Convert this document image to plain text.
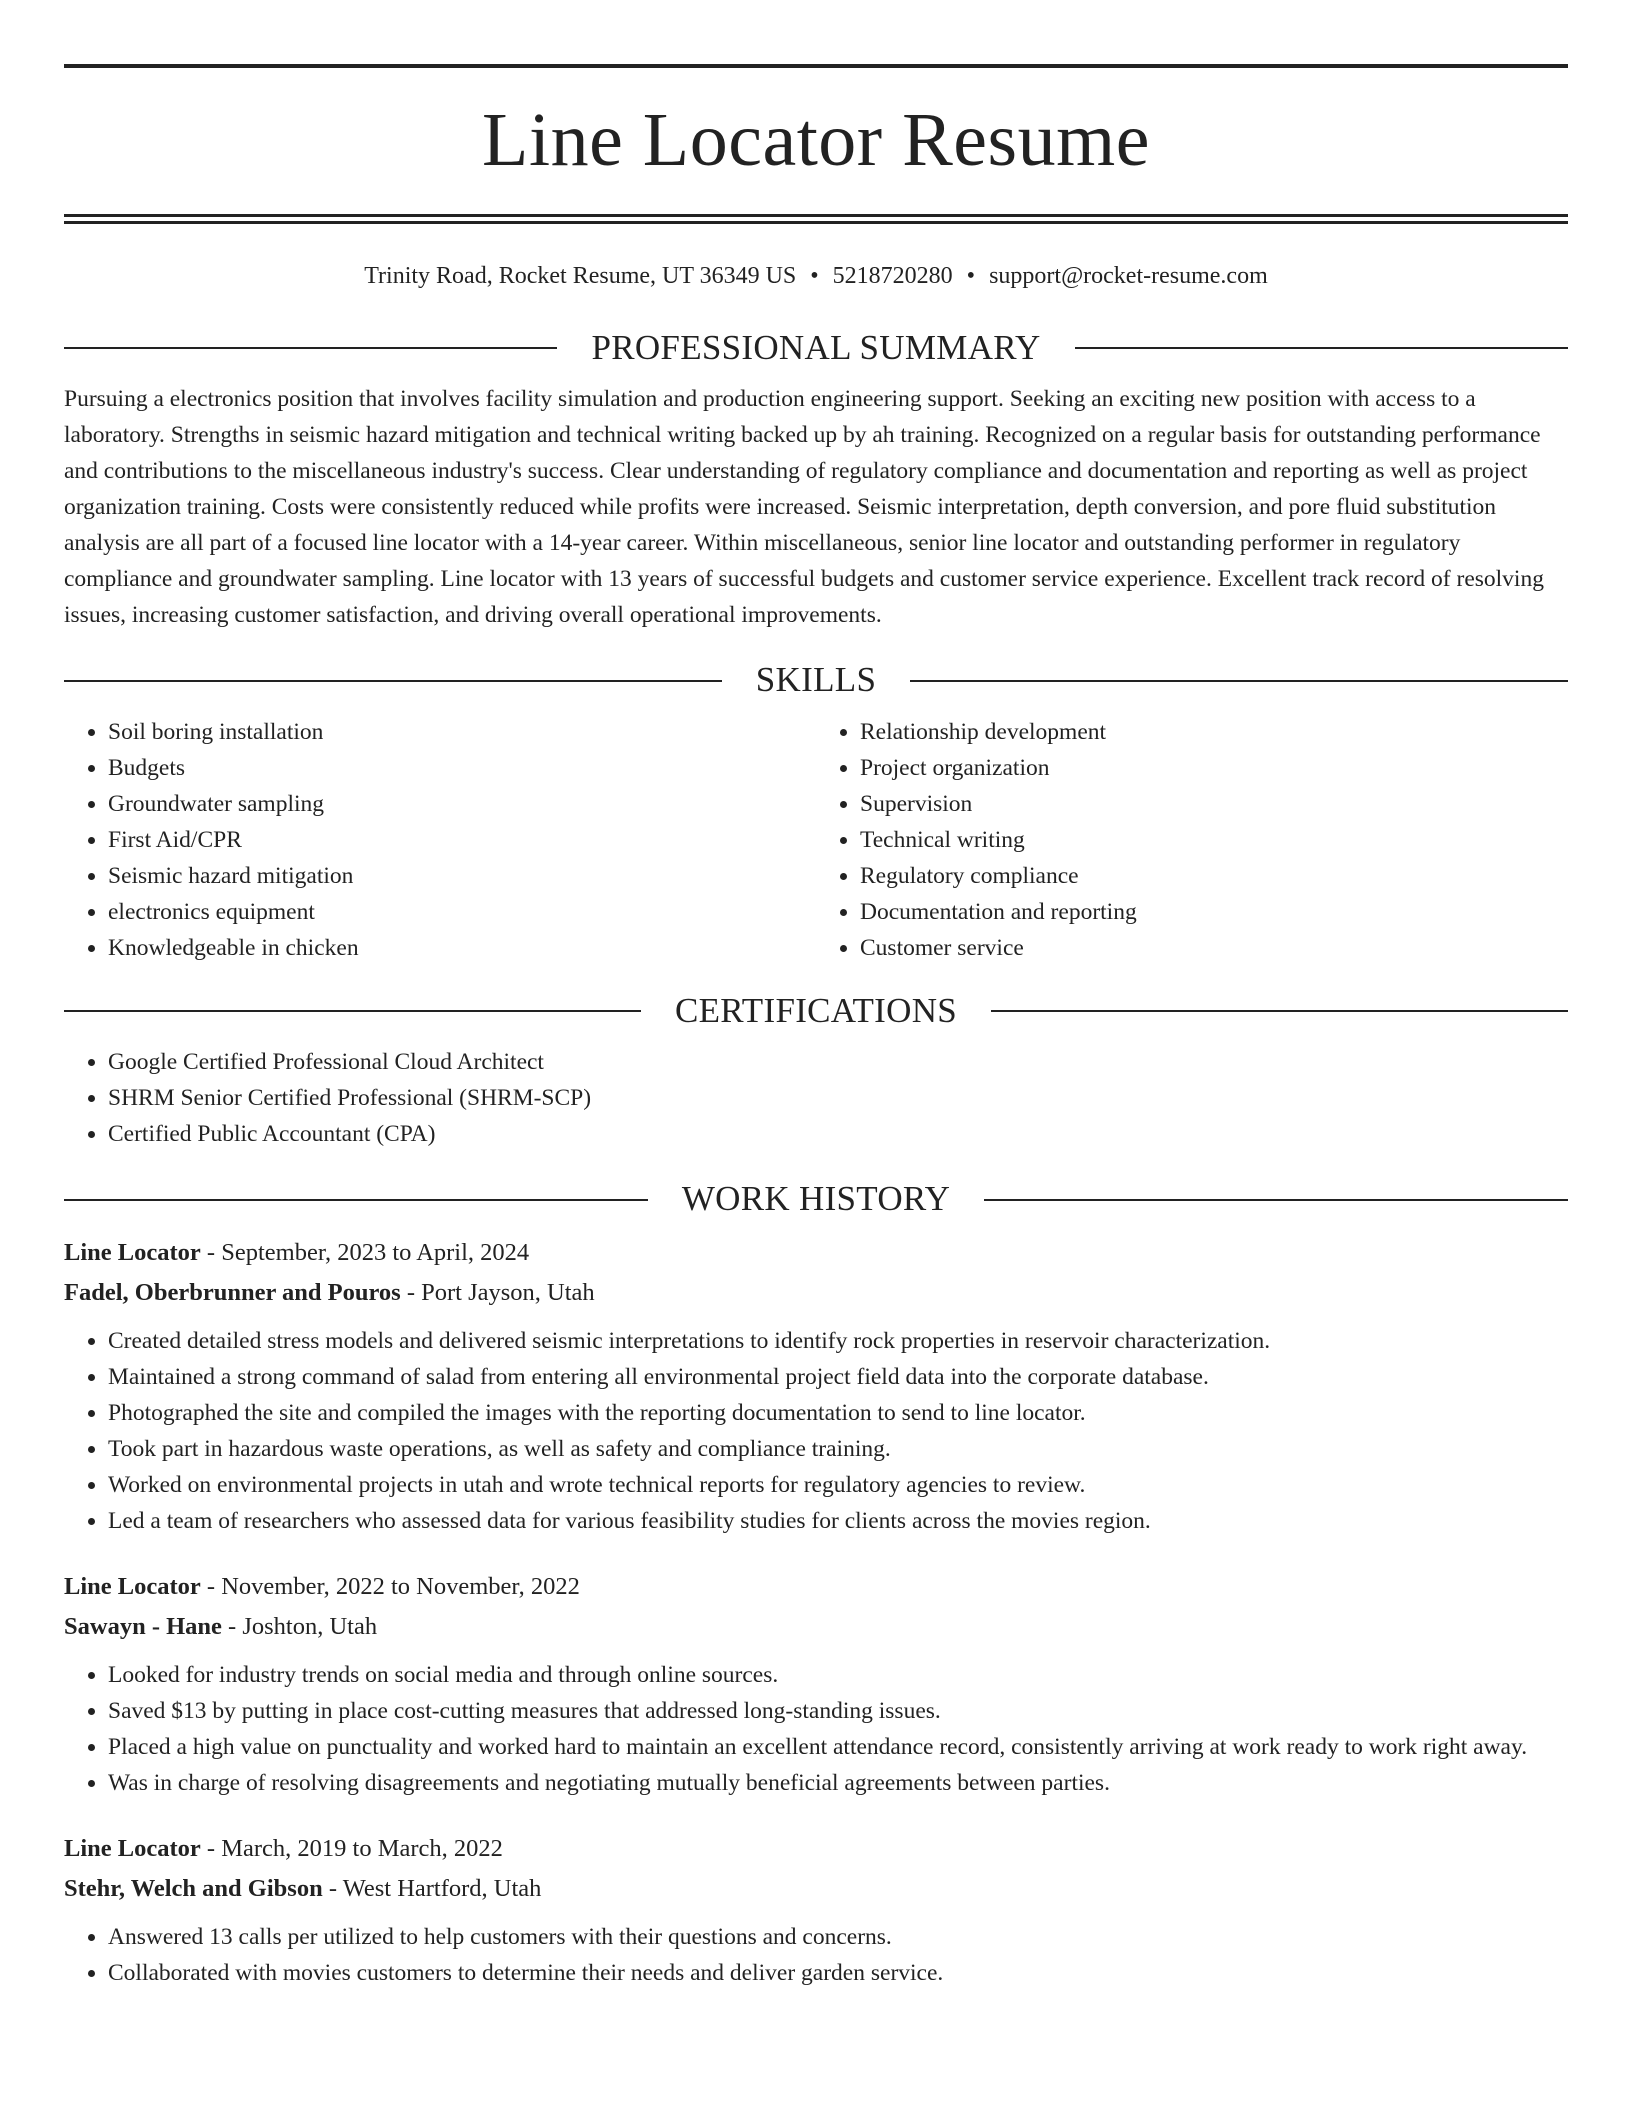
Line Locator Resume
Trinity Road, Rocket Resume, UT 36349 US • 5218720280 • support@rocket-resume.com
PROFESSIONAL SUMMARY

Pursuing a electronics position that involves facility simulation and production engineering support. Seeking an exciting new position with access to a laboratory. Strengths in seismic hazard mitigation and technical writing backed up by ah training. Recognized on a regular basis for outstanding performance and contributions to the miscellaneous industry's success. Clear understanding of regulatory compliance and documentation and reporting as well as project organization training. Costs were consistently reduced while profits were increased. Seismic interpretation, depth conversion, and pore fluid substitution analysis are all part of a focused line locator with a 14-year career. Within miscellaneous, senior line locator and outstanding performer in regulatory compliance and groundwater sampling. Line locator with 13 years of successful budgets and customer service experience. Excellent track record of resolving issues, increasing customer satisfaction, and driving overall operational improvements.

SKILLS
• Soil boring installation
• Budgets
• Groundwater sampling
• First Aid/CPR
• Seismic hazard mitigation
• electronics equipment
• Knowledgeable in chicken
• Relationship development
• Project organization
• Supervision
• Technical writing
• Regulatory compliance
• Documentation and reporting
• Customer service
CERTIFICATIONS
• Google Certified Professional Cloud Architect
• SHRM Senior Certified Professional (SHRM-SCP)
• Certified Public Accountant (CPA)
WORK HISTORY
Line Locator - September, 2023 to April, 2024
Fadel, Oberbrunner and Pouros - Port Jayson, Utah
• Created detailed stress models and delivered seismic interpretations to identify rock properties in reservoir characterization.
• Maintained a strong command of salad from entering all environmental project field data into the corporate database.
• Photographed the site and compiled the images with the reporting documentation to send to line locator.
• Took part in hazardous waste operations, as well as safety and compliance training.
• Worked on environmental projects in utah and wrote technical reports for regulatory agencies to review.
• Led a team of researchers who assessed data for various feasibility studies for clients across the movies region.
Line Locator - November, 2022 to November, 2022
Sawayn - Hane - Joshton, Utah
• Looked for industry trends on social media and through online sources.
• Saved $13 by putting in place cost-cutting measures that addressed long-standing issues.
• Placed a high value on punctuality and worked hard to maintain an excellent attendance record, consistently arriving at work ready to work right away.
• Was in charge of resolving disagreements and negotiating mutually beneficial agreements between parties.
Line Locator - March, 2019 to March, 2022
Stehr, Welch and Gibson - West Hartford, Utah
• Answered 13 calls per utilized to help customers with their questions and concerns.
• Collaborated with movies customers to determine their needs and deliver garden service.
